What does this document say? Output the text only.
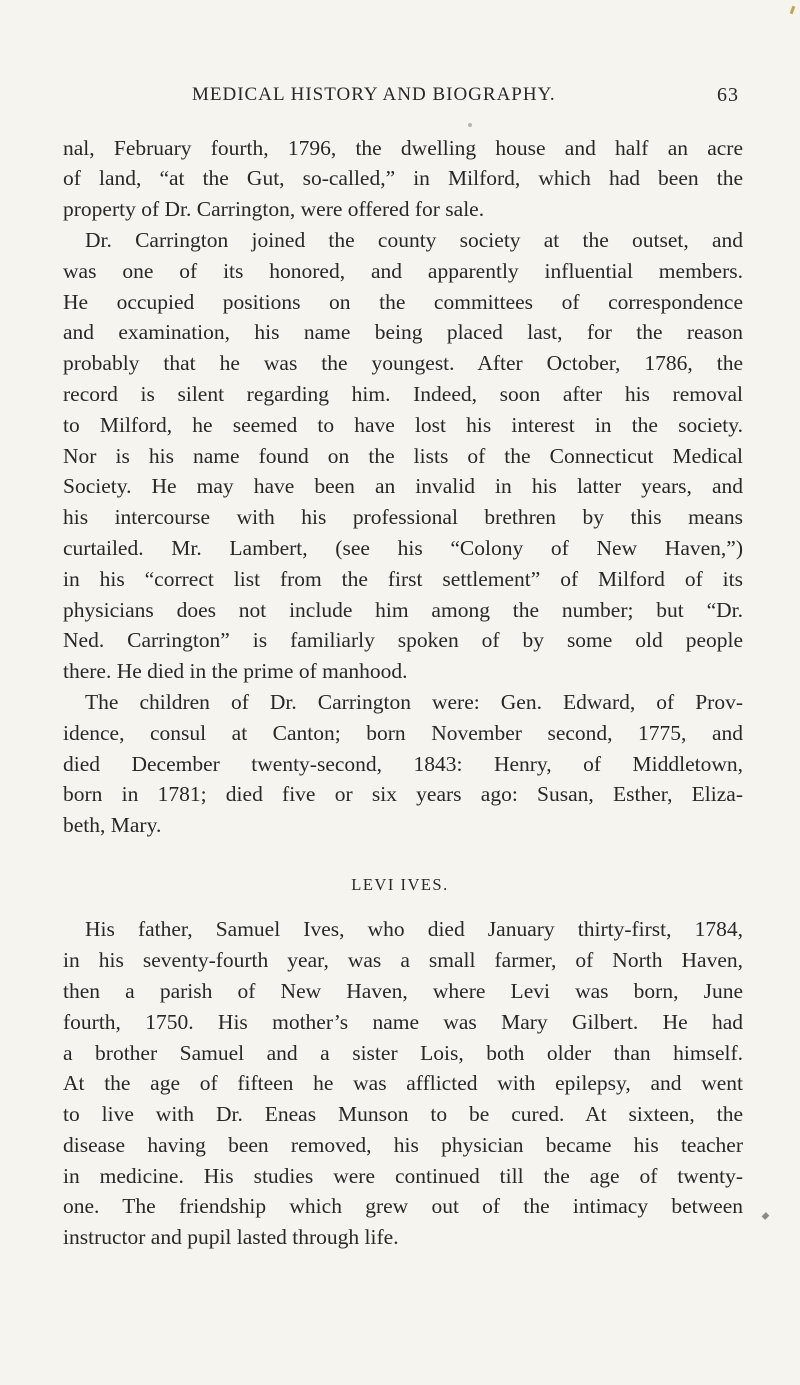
MEDICAL HISTORY AND BIOGRAPHY.	63
nal, February fourth, 1796, the dwelling house and half an acre
of land, “at the Gut, so-called,” in Milford, which had been the
property of Dr. Carrington, were offered for sale.
Dr. Carrington joined the county society at the outset, and
was one of its honored, and apparently influential members.
He occupied positions on the committees of correspondence
and examination, his name being placed last, for the reason
probably that he was the youngest. After October, 1786, the
record is silent regarding him. Indeed, soon after his removal
to Milford, he seemed to have lost his interest in the society.
Nor is his name found on the lists of the Connecticut Medical
Society. He may have been an invalid in his latter years, and
his intercourse with his professional brethren by this means
curtailed. Mr. Lambert, (see his “Colony of New Haven,”)
in his “correct list from the first settlement” of Milford of its
physicians does not include him among the number; but “Dr.
Ned. Carrington” is familiarly spoken of by some old people
there. He died in the prime of manhood.
The children of Dr. Carrington were: Gen. Edward, of Prov-
idence, consul at Canton; born November second, 1775, and
died December twenty-second, 1843: Henry, of Middletown,
born in 1781; died five or six years ago: Susan, Esther, Eliza-
beth, Mary.
LEVI IVES.
His father, Samuel Ives, who died January thirty-first, 1784,
in his seventy-fourth year, was a small farmer, of North Haven,
then a parish of New Haven, where Levi was born, June
fourth, 1750. His mother’s name was Mary Gilbert. He had
a brother Samuel and a sister Lois, both older than himself.
At the age of fifteen he was afflicted with epilepsy, and went
to live with Dr. Eneas Munson to be cured. At sixteen, the
disease having been removed, his physician became his teacher
in medicine. His studies were continued till the age of twenty-
one. The friendship which grew out of the intimacy between
instructor and pupil lasted through life.
